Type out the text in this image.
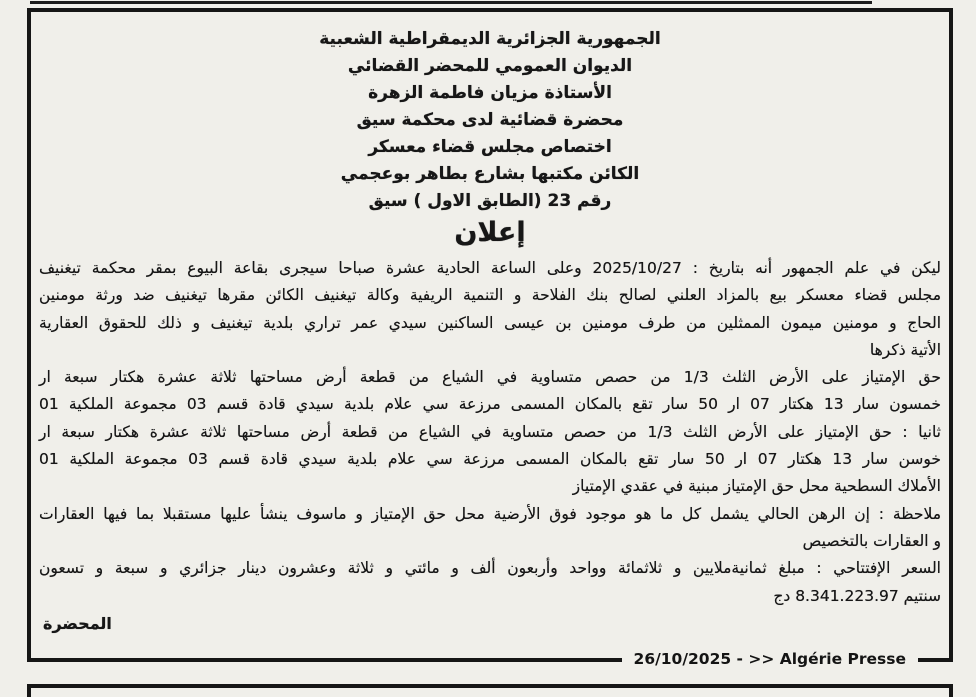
الجمهورية الجزائرية الديمقراطية الشعبية
الديوان العمومي للمحضر القضائي
الأستاذة مزيان فاطمة الزهرة
محضرة قضائية لدى محكمة سيق
اختصاص مجلس قضاء معسكر
الكائن مكتبها بشارع بطاهر بوعجمي
رقم 23 (الطابق الاول ) سيق
إعلان
ليكن في علم الجمهور أنه بتاريخ : 2025/10/27 وعلى الساعة الحادية عشرة صباحا سيجرى بقاعة البيوع بمقر محكمة تيغنيف
مجلس قضاء معسكر بيع بالمزاد العلني لصالح بنك الفلاحة و التنمية الريفية وكالة تيغنيف الكائن مقرها تيغنيف ضد ورثة مومنين
الحاج و مومنين ميمون الممثلين من طرف مومنين بن عيسى الساكنين سيدي عمر تراري بلدية تيغنيف و ذلك للحقوق العقارية
الأتية ذكرها
حق الإمتياز على الأرض الثلث 1/3 من حصص متساوية في الشياع من قطعة أرض مساحتها ثلاثة عشرة هكتار سبعة ار
خمسون سار 13 هكتار 07 ار 50 سار تقع بالمكان المسمى مرزعة سي علام بلدية سيدي قادة قسم 03 مجموعة الملكية 01
ثانيا : حق الإمتياز على الأرض الثلث 1/3 من حصص متساوية في الشياع من قطعة أرض مساحتها ثلاثة عشرة هكتار سبعة ار
خوسن سار 13 هكتار 07 ار 50 سار تقع بالمكان المسمى مرزعة سي علام بلدية سيدي قادة قسم 03 مجموعة الملكية 01
الأملاك السطحية محل حق الإمتياز مبنية في عقدي الإمتياز
ملاحظة : إن الرهن الحالي يشمل كل ما هو موجود فوق الأرضية محل حق الإمتياز و ماسوف ينشأ عليها مستقبلا بما فيها العقارات
و العقارات بالتخصيص
السعر الإفتتاحي : مبلغ ثمانيةملايين و ثلاثمائة وواحد وأربعون ألف و مائتي و ثلاثة وعشرون دينار جزائري و سبعة و تسعون
سنتيم 8.341.223.97 دج
المحضرة
26/10/2025 - >> Algérie Presse
